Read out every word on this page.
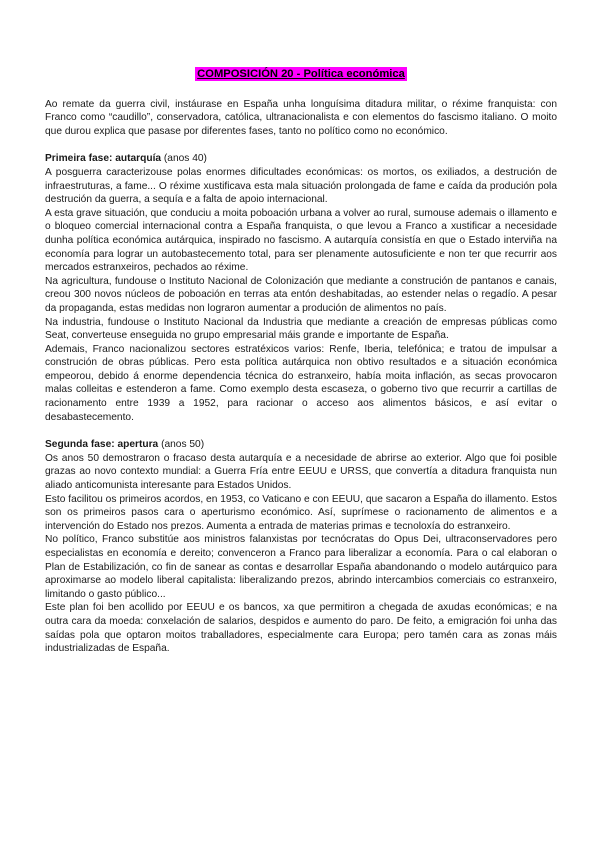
COMPOSICIÓN 20 - Política económica

Ao remate da guerra civil, instáurase en España unha longuísima ditadura militar, o réxime franquista: con Franco como “caudillo”, conservadora, católica, ultranacionalista e con elementos do fascismo italiano. O moito que durou explica que pasase por diferentes fases, tanto no político como no económico.

Primeira fase: autarquía (anos 40)

A posguerra caracterizouse polas enormes dificultades económicas: os mortos, os exiliados, a destrución de infraestruturas, a fame... O réxime xustificava esta mala situación prolongada de fame e caída da produción pola destrución da guerra, a sequía e a falta de apoio internacional.

A esta grave situación, que conduciu a moita poboación urbana a volver ao rural, sumouse ademais o illamento e o bloqueo comercial internacional contra a España franquista, o que levou a Franco a xustificar a necesidade dunha política económica autárquica, inspirado no fascismo. A autarquía consistía en que o Estado interviña na economía para lograr un autobastecemento total, para ser plenamente autosuficiente e non ter que recurrir aos mercados estranxeiros, pechados ao réxime.

Na agricultura, fundouse o Instituto Nacional de Colonización que mediante a construción de pantanos e canais, creou 300 novos núcleos de poboación en terras ata entón deshabitadas, ao estender nelas o regadío. A pesar da propaganda, estas medidas non lograron aumentar a produción de alimentos no país.

Na industria, fundouse o Instituto Nacional da Industria que mediante a creación de empresas públicas como Seat, converteuse enseguida no grupo empresarial máis grande e importante de España.

Ademais, Franco nacionalizou sectores estratéxicos varios: Renfe, Iberia, telefónica; e tratou de impulsar a construción de obras públicas. Pero esta política autárquica non obtivo resultados e a situación económica empeorou, debido á enorme dependencia técnica do estranxeiro, había moita inflación, as secas provocaron malas colleitas e estenderon a fame. Como exemplo desta escaseza, o goberno tivo que recurrir a cartillas de racionamento entre 1939 a 1952, para racionar o acceso aos alimentos básicos, e así evitar o desabastecemento.

Segunda fase: apertura (anos 50)

Os anos 50 demostraron o fracaso desta autarquía e a necesidade de abrirse ao exterior. Algo que foi posible grazas ao novo contexto mundial: a Guerra Fría entre EEUU e URSS, que convertía a ditadura franquista nun aliado anticomunista interesante para Estados Unidos.

Esto facilitou os primeiros acordos, en 1953, co Vaticano e con EEUU, que sacaron a España do illamento. Estos son os primeiros pasos cara o aperturismo económico. Así, suprímese o racionamento de alimentos e a intervención do Estado nos prezos. Aumenta a entrada de materias primas e tecnoloxía do estranxeiro.

No político, Franco substitúe aos ministros falanxistas por tecnócratas do Opus Dei, ultraconservadores pero especialistas en economía e dereito; convenceron a Franco para liberalizar a economía. Para o cal elaboran o Plan de Estabilización, co fin de sanear as contas e desarrollar España abandonando o modelo autárquico para aproximarse ao modelo liberal capitalista: liberalizando prezos, abrindo intercambios comerciais co estranxeiro, limitando o gasto público...

Este plan foi ben acollido por EEUU e os bancos, xa que permitiron a chegada de axudas económicas; e na outra cara da moeda: conxelación de salarios, despidos e aumento do paro. De feito, a emigración foi unha das saídas pola que optaron moitos traballadores, especialmente cara Europa; pero tamén cara as zonas máis industrializadas de España.
